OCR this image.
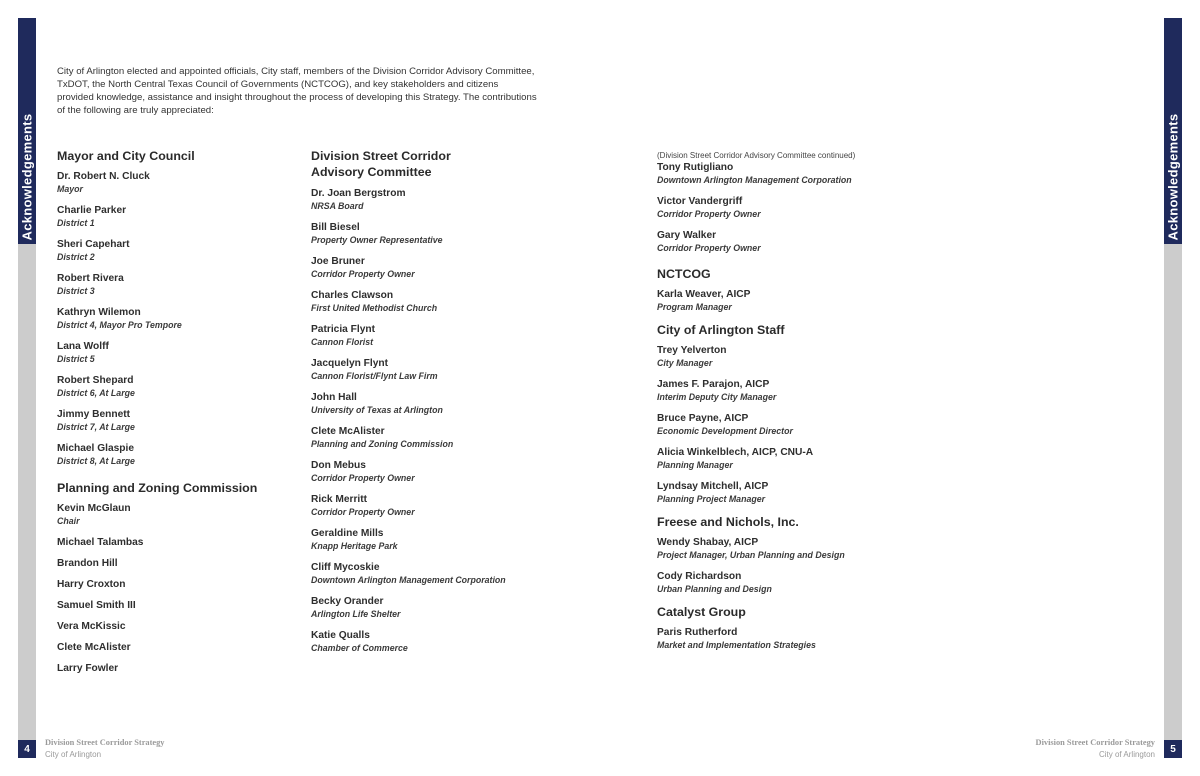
Acknowledgements	Acknowledgements
City of Arlington elected and appointed officials, City staff, members of the Division Corridor Advisory Committee, TxDOT, the North Central Texas Council of Governments (NCTCOG), and key stakeholders and citizens provided knowledge, assistance and insight throughout the process of developing this Strategy. The contributions of the following are truly appreciated:
Mayor and City Council
Dr. Robert N. Cluck
Mayor
Charlie Parker
District 1
Sheri Capehart
District 2
Robert Rivera
District 3
Kathryn Wilemon
District 4, Mayor Pro Tempore
Lana Wolff
District 5
Robert Shepard
District 6, At Large
Jimmy Bennett
District 7, At Large
Michael Glaspie
District 8, At Large
Planning and Zoning Commission
Kevin McGlaun
Chair
Michael Talambas
Brandon Hill
Harry Croxton
Samuel Smith III
Vera McKissic
Clete McAlister
Larry Fowler
Division Street Corridor
Advisory Committee
Dr. Joan Bergstrom
NRSA Board
Bill Biesel
Property Owner Representative
Joe Bruner
Corridor Property Owner
Charles Clawson
First United Methodist Church
Patricia Flynt
Cannon Florist
Jacquelyn Flynt
Cannon Florist/Flynt Law Firm
John Hall
University of Texas at Arlington
Clete McAlister
Planning and Zoning Commission
Don Mebus
Corridor Property Owner
Rick Merritt
Corridor Property Owner
Geraldine Mills
Knapp Heritage Park
Cliff Mycoskie
Downtown Arlington Management Corporation
Becky Orander
Arlington Life Shelter
Katie Qualls
Chamber of Commerce
(Division Street Corridor Advisory Committee continued)
Tony Rutigliano
Downtown Arlington Management Corporation
Victor Vandergriff
Corridor Property Owner
Gary Walker
Corridor Property Owner
NCTCOG
Karla Weaver, AICP
Program Manager
City of Arlington Staff
Trey Yelverton
City Manager
James F. Parajon, AICP
Interim Deputy City Manager
Bruce Payne, AICP
Economic Development Director
Alicia Winkelblech, AICP, CNU-A
Planning Manager
Lyndsay Mitchell, AICP
Planning Project Manager
Freese and Nichols, Inc.
Wendy Shabay, AICP
Project Manager, Urban Planning and Design
Cody Richardson
Urban Planning and Design
Catalyst Group
Paris Rutherford
Market and Implementation Strategies
4
Division Street Corridor Strategy
City of Arlington	5
Division Street Corridor Strategy
City of Arlington
